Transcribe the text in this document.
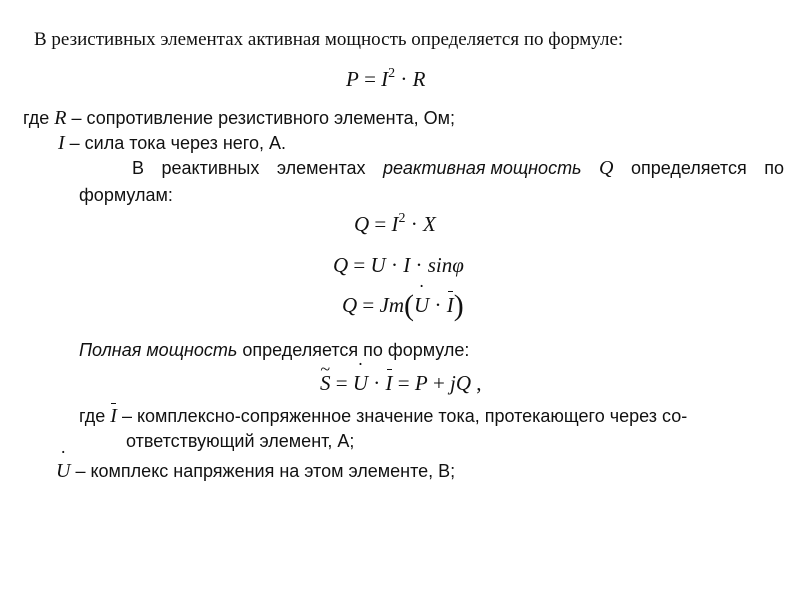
В резистивных элементах активная мощность определяется по формуле:
$P = I^2 \cdot R$
где R – сопротивление резистивного элемента, Ом;
I – сила тока через него, А.
В реактивных элементах реактивная мощность Q определяется по
формулам:
$Q = I^2 \cdot X$
Q = U · I · sinφ
Q = Jm(˙ U · I)
Полная мощность определяется по формуле:
~ S = ˙ U · I = P + jQ ,
где I – комплексно-сопряженное значение тока, протекающего через со-
ответствующий элемент, А;
˙ U – комплекс напряжения на этом элементе, В;
